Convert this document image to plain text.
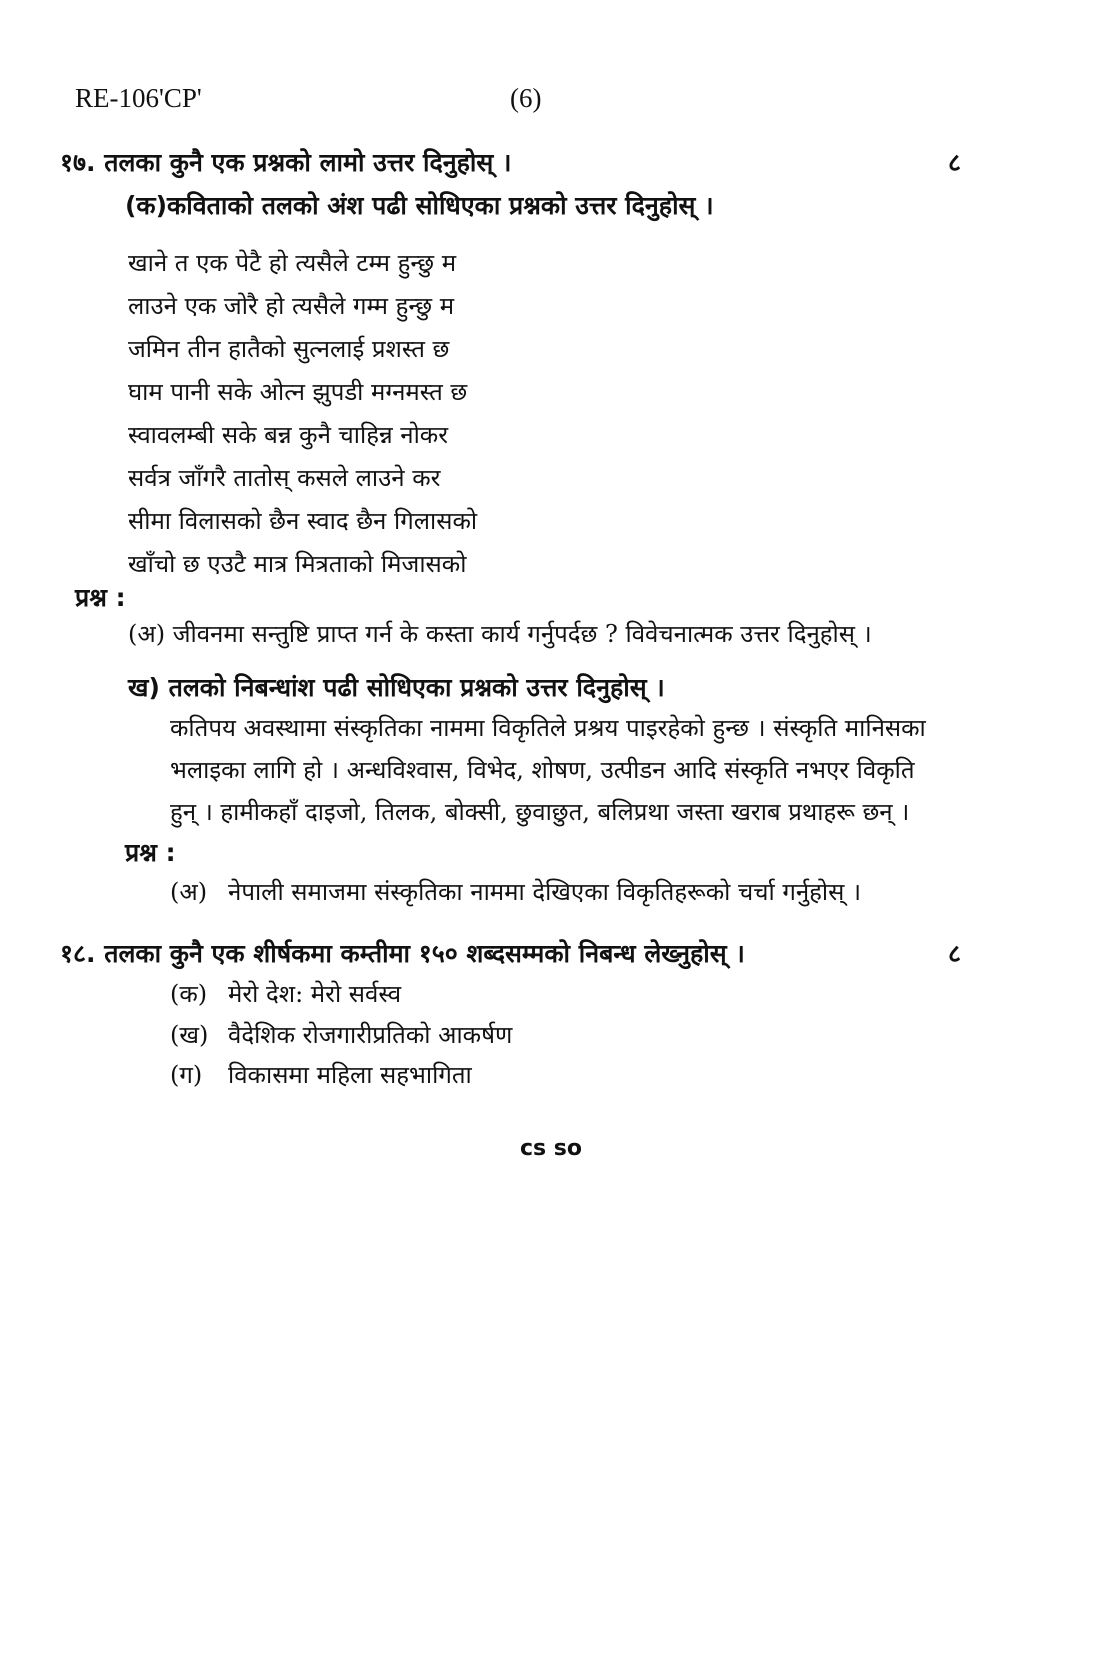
RE-106'CP'	(6)
१७. तलका कुनै एक प्रश्नको लामो उत्तर दिनुहोस् ।	८
(क)कविताको तलको अंश पढी सोधिएका प्रश्नको उत्तर दिनुहोस् ।
खाने त एक पेटै हो त्यसैले टम्म हुन्छु म
लाउने एक जोरै हो त्यसैले गम्म हुन्छु म
जमिन तीन हातैको सुत्नलाई प्रशस्त छ
घाम पानी सके ओत्न झुपडी मग्नमस्त छ
स्वावलम्बी सके बन्न कुनै चाहिन्न नोकर
सर्वत्र जाँगरै तातोस् कसले लाउने कर
सीमा विलासको छैन स्वाद छैन गिलासको
खाँचो छ एउटै मात्र मित्रताको मिजासको
प्रश्न :
(अ) जीवनमा सन्तुष्टि प्राप्त गर्न के कस्ता कार्य गर्नुपर्दछ ? विवेचनात्मक उत्तर दिनुहोस् ।
ख) तलको निबन्धांश पढी सोधिएका प्रश्नको उत्तर दिनुहोस् ।
कतिपय अवस्थामा संस्कृतिका नाममा विकृतिले प्रश्रय पाइरहेको हुन्छ । संस्कृति मानिसका
भलाइका लागि हो । अन्धविश्वास, विभेद, शोषण, उत्पीडन आदि संस्कृति नभएर विकृति
हुन् । हामीकहाँ दाइजो, तिलक, बोक्सी, छुवाछुत, बलिप्रथा जस्ता खराब प्रथाहरू छन् ।
प्रश्न :
(अ) नेपाली समाजमा संस्कृतिका नाममा देखिएका विकृतिहरूको चर्चा गर्नुहोस् ।
१८. तलका कुनै एक शीर्षकमा कम्तीमा १५० शब्दसम्मको निबन्ध लेख्नुहोस् ।	८
(क) मेरो देश: मेरो सर्वस्व
(ख) वैदेशिक रोजगारीप्रतिको आकर्षण
(ग) विकासमा महिला सहभागिता
cs so
